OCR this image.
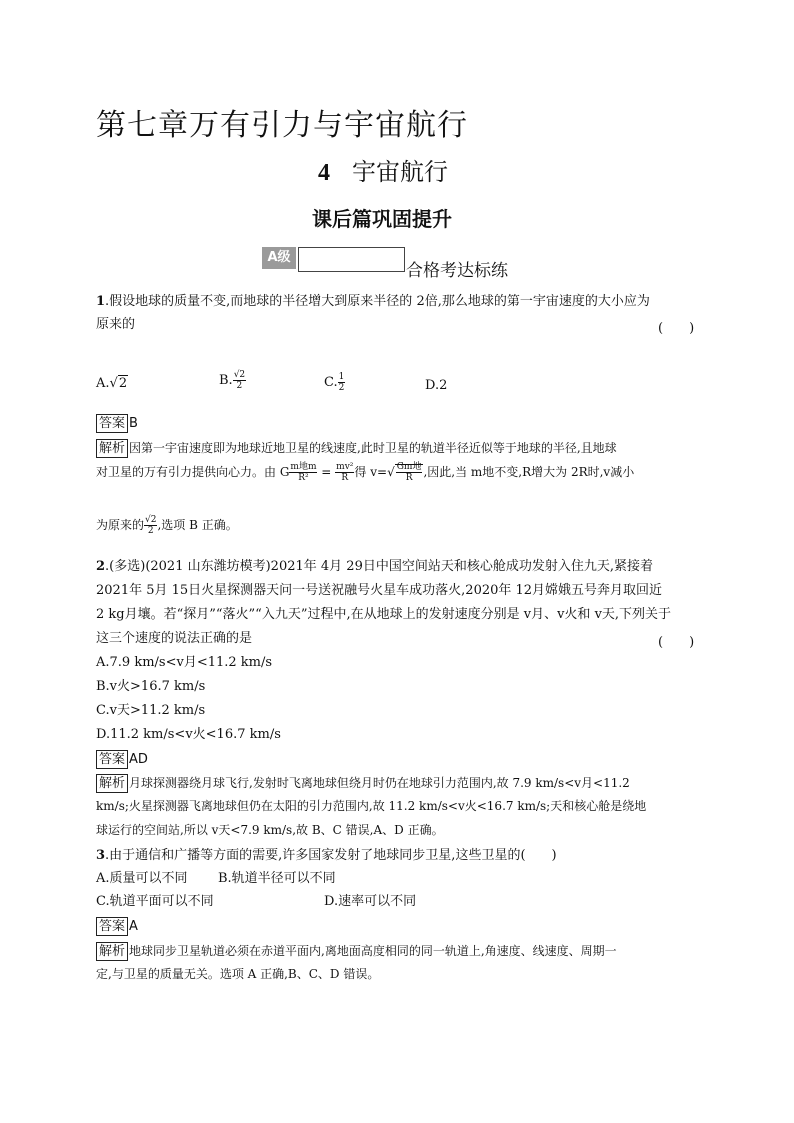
第七章万有引力与宇宙航行
4 宇宙航行
课后篇巩固提升
A级
合格考达标练
1.假设地球的质量不变,而地球的半径增大到原来半径的 2倍,那么地球的第一宇宙速度的大小应为
原来的	(　　)
A.√2	B. $\frac{√2}{2}$	C. $\frac{1}{2}$	D.2
答案 B
解析 因第一宇宙速度即为地球近地卫星的线速度,此时卫星的轨道半径近似等于地球的半径,且地球
对卫星的万有引力提供向心力。由 G $\frac{\text{m地m}}{\text{R²}} = \frac{\text{mv²}}{R}$ 得 $v=√ \frac{\text{Gm地}}{R}$ ,因此,当 m地不变,R增大为 2R时,v减小
为原来的 $\frac{√2}{2}$ ,选项 B 正确。
2.(多选)(2021 山东潍坊模考)2021年 4月 29日中国空间站天和核心舱成功发射入住九天,紧接着
2021年 5月 15日火星探测器天问一号送祝融号火星车成功落火,2020年 12月嫦娥五号奔月取回近
2 kg月壤。若“探月”“落火”“入九天”过程中,在从地球上的发射速度分别是 v月、v火和 v天,下列关于
这三个速度的说法正确的是	(　　)
A.7.9 km/s<v月<11.2 km/s
B.v火>16.7 km/s
C.v天>11.2 km/s
D.11.2 km/s<v火<16.7 km/s
答案 AD
解析 月球探测器绕月球飞行,发射时飞离地球但绕月时仍在地球引力范围内,故 7.9 km/s<v月<11.2
km/s;火星探测器飞离地球但仍在太阳的引力范围内,故 11.2 km/s<v火<16.7 km/s;天和核心舱是绕地
球运行的空间站,所以 v天<7.9 km/s,故 B、C 错误,A、D 正确。
3.由于通信和广播等方面的需要,许多国家发射了地球同步卫星,这些卫星的(　　)
A.质量可以不同 B.轨道半径可以不同
C.轨道平面可以不同	D.速率可以不同
答案 A
解析 地球同步卫星轨道必须在赤道平面内,离地面高度相同的同一轨道上,角速度、线速度、周期一
定,与卫星的质量无关。选项 A 正确,B、C、D 错误。
